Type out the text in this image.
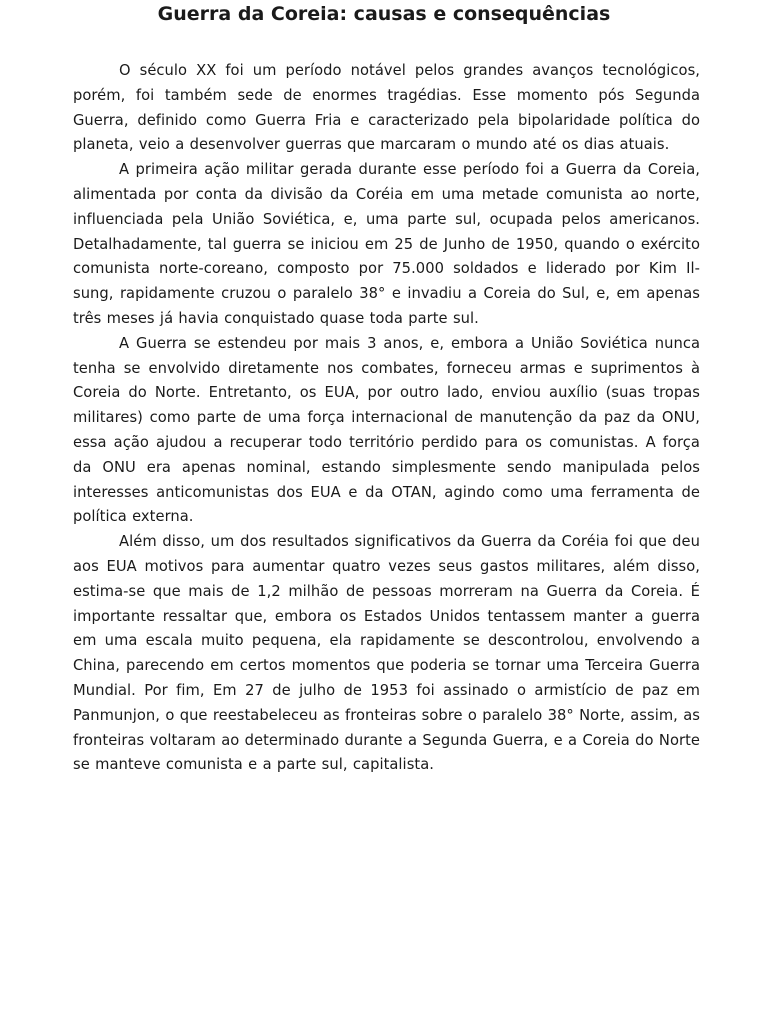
Guerra da Coreia: causas e consequências

O século XX foi um período notável pelos grandes avanços tecnológicos, porém, foi também sede de enormes tragédias. Esse momento pós Segunda Guerra, definido como Guerra Fria e caracterizado pela bipolaridade política do planeta, veio a desenvolver guerras que marcaram o mundo até os dias atuais.

A primeira ação militar gerada durante esse período foi a Guerra da Coreia, alimentada por conta da divisão da Coréia em uma metade comunista ao norte, influenciada pela União Soviética, e, uma parte sul, ocupada pelos americanos. Detalhadamente, tal guerra se iniciou em 25 de Junho de 1950, quando o exército comunista norte-coreano, composto por 75.000 soldados e liderado por Kim Il-sung, rapidamente cruzou o paralelo 38° e invadiu a Coreia do Sul, e, em apenas três meses já havia conquistado quase toda parte sul.

A Guerra se estendeu por mais 3 anos, e, embora a União Soviética nunca tenha se envolvido diretamente nos combates, forneceu armas e suprimentos à Coreia do Norte. Entretanto, os EUA, por outro lado, enviou auxílio (suas tropas militares) como parte de uma força internacional de manutenção da paz da ONU, essa ação ajudou a recuperar todo território perdido para os comunistas. A força da ONU era apenas nominal, estando simplesmente sendo manipulada pelos interesses anticomunistas dos EUA e da OTAN, agindo como uma ferramenta de política externa.

Além disso, um dos resultados significativos da Guerra da Coréia foi que deu aos EUA motivos para aumentar quatro vezes seus gastos militares, além disso, estima-se que mais de 1,2 milhão de pessoas morreram na Guerra da Coreia. É importante ressaltar que, embora os Estados Unidos tentassem manter a guerra em uma escala muito pequena, ela rapidamente se descontrolou, envolvendo a China, parecendo em certos momentos que poderia se tornar uma Terceira Guerra Mundial. Por fim, Em 27 de julho de 1953 foi assinado o armistício de paz em Panmunjon, o que reestabeleceu as fronteiras sobre o paralelo 38° Norte, assim, as fronteiras voltaram ao determinado durante a Segunda Guerra, e a Coreia do Norte se manteve comunista e a parte sul, capitalista.
